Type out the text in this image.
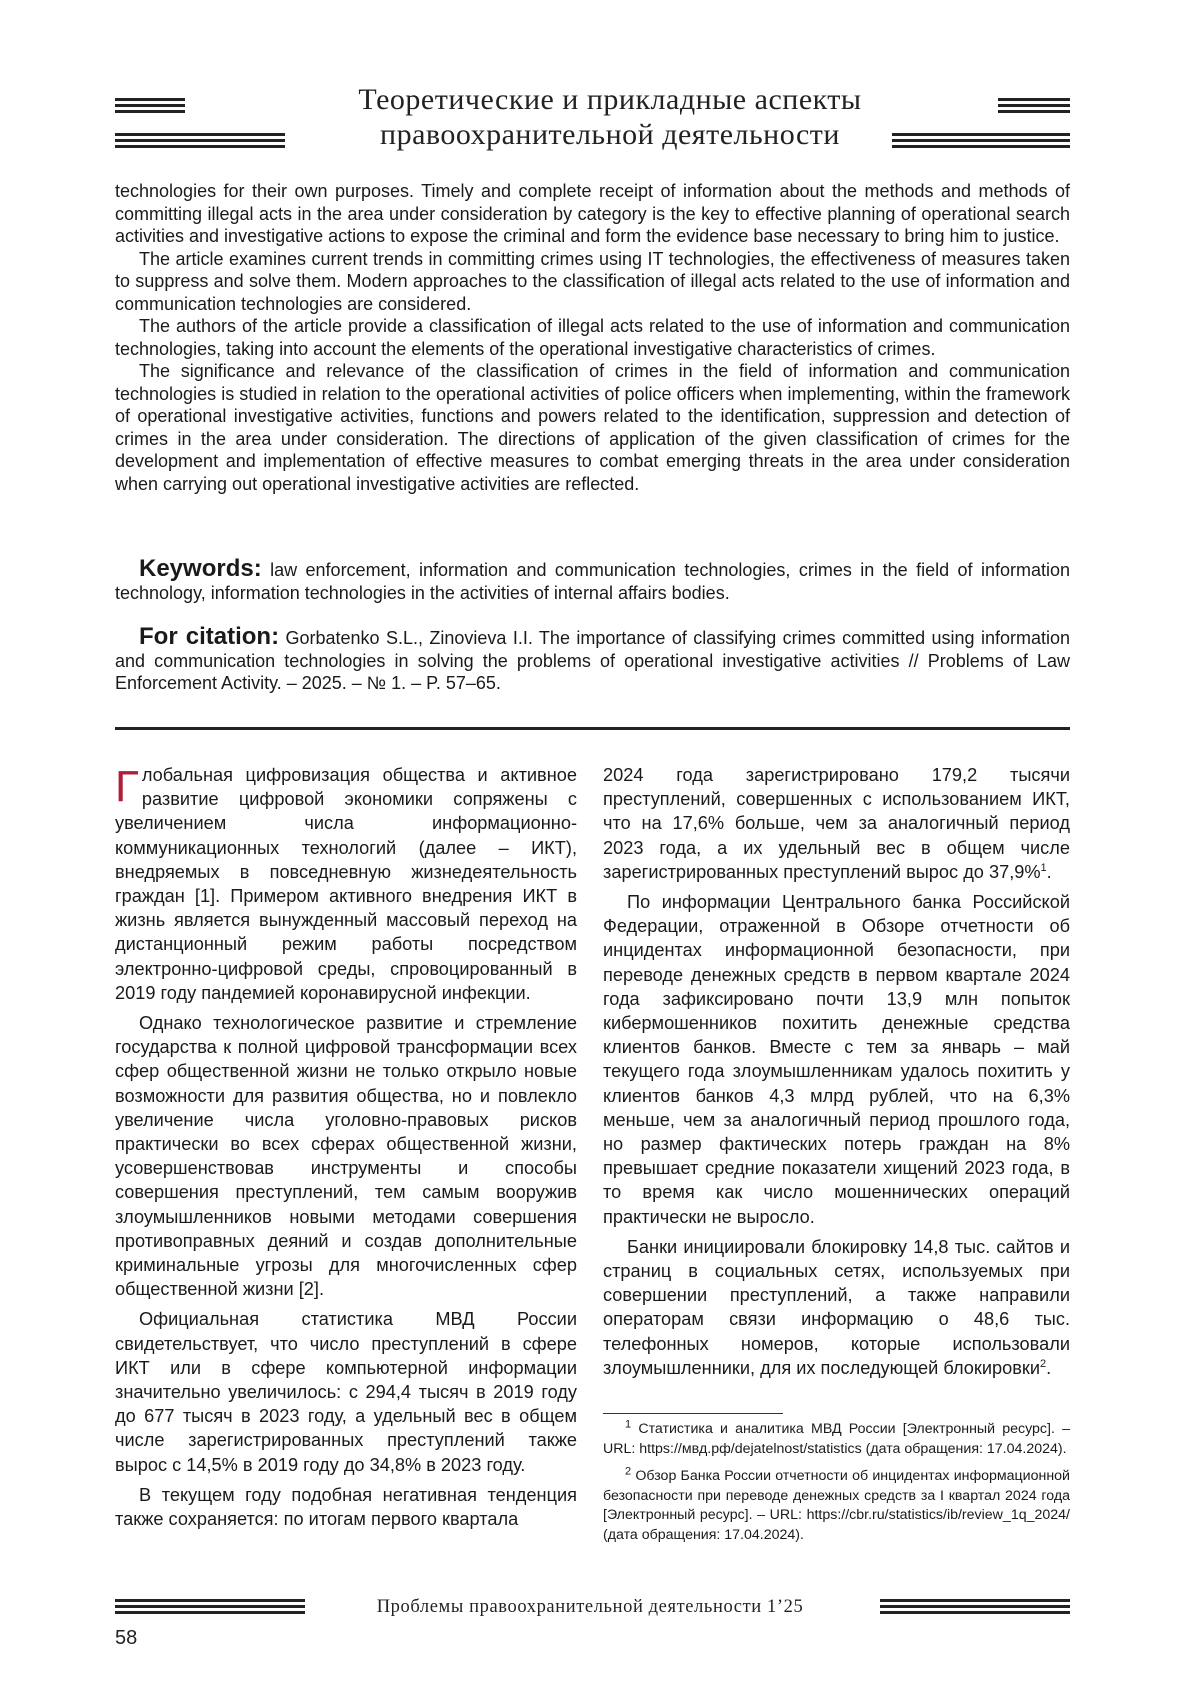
Теоретические и прикладные аспекты
правоохранительной деятельности

technologies for their own purposes. Timely and complete receipt of information about the methods and methods of committing illegal acts in the area under consideration by category is the key to effective planning of operational search activities and investigative actions to expose the criminal and form the evidence base necessary to bring him to justice.

The article examines current trends in committing crimes using IT technologies, the effectiveness of measures taken to suppress and solve them. Modern approaches to the classification of illegal acts related to the use of information and communication technologies are considered.

The authors of the article provide a classification of illegal acts related to the use of information and communication technologies, taking into account the elements of the operational investigative characteristics of crimes.

The significance and relevance of the classification of crimes in the field of information and communication technologies is studied in relation to the operational activities of police officers when implementing, within the framework of operational investigative activities, functions and powers related to the identification, suppression and detection of crimes in the area under consideration. The directions of application of the given classification of crimes for the development and implementation of effective measures to combat emerging threats in the area under consideration when carrying out operational investigative activities are reflected.

Keywords: law enforcement, information and communication technologies, crimes in the field of information technology, information technologies in the activities of internal affairs bodies.
For citation: Gorbatenko S.L., Zinovieva I.I. The importance of classifying crimes committed using information and communication technologies in solving the problems of operational investigative activities // Problems of Law Enforcement Activity. – 2025. – № 1. – P. 57–65.

Глобальная цифровизация общества и активное развитие цифровой экономики сопряжены с увеличением числа информационно-коммуникационных технологий (далее – ИКТ), внедряемых в повседневную жизнедеятельность граждан [1]. Примером активного внедрения ИКТ в жизнь является вынужденный массовый переход на дистанционный режим работы посредством электронно-цифровой среды, спровоцированный в 2019 году пандемией коронавирусной инфекции.

Однако технологическое развитие и стремление государства к полной цифровой трансформации всех сфер общественной жизни не только открыло новые возможности для развития общества, но и повлекло увеличение числа уголовно-правовых рисков практически во всех сферах общественной жизни, усовершенствовав инструменты и способы совершения преступлений, тем самым вооружив злоумышленников новыми методами совершения противоправных деяний и создав дополнительные криминальные угрозы для многочисленных сфер общественной жизни [2].

Официальная статистика МВД России свидетельствует, что число преступлений в сфере ИКТ или в сфере компьютерной информации значительно увеличилось: с 294,4 тысяч в 2019 году до 677 тысяч в 2023 году, а удельный вес в общем числе зарегистрированных преступлений также вырос с 14,5% в 2019 году до 34,8% в 2023 году.

В текущем году подобная негативная тенденция также сохраняется: по итогам первого квартала

2024 года зарегистрировано 179,2 тысячи преступлений, совершенных с использованием ИКТ, что на 17,6% больше, чем за аналогичный период 2023 года, а их удельный вес в общем числе зарегистрированных преступлений вырос до 37,9%$^1$.

По информации Центрального банка Российской Федерации, отраженной в Обзоре отчетности об инцидентах информационной безопасности, при переводе денежных средств в первом квартале 2024 года зафиксировано почти 13,9 млн попыток кибермошенников похитить денежные средства клиентов банков. Вместе с тем за январь – май текущего года злоумышленникам удалось похитить у клиентов банков 4,3 млрд рублей, что на 6,3% меньше, чем за аналогичный период прошлого года, но размер фактических потерь граждан на 8% превышает средние показатели хищений 2023 года, в то время как число мошеннических операций практически не выросло.

Банки инициировали блокировку 14,8 тыс. сайтов и страниц в социальных сетях, используемых при совершении преступлений, а также направили операторам связи информацию о 48,6 тыс. телефонных номеров, которые использовали злоумышленники, для их последующей блокировки$^2$.

$^1$ Статистика и аналитика МВД России [Электронный ресурс]. – URL: https://мвд.рф/dejatelnost/statistics (дата обращения: 17.04.2024).

$^2$ Обзор Банка России отчетности об инцидентах информационной безопасности при переводе денежных средств за I квартал 2024 года [Электронный ресурс]. – URL: https://cbr.ru/statistics/ib/review_1q_2024/ (дата обращения: 17.04.2024).

Проблемы правоохранительной деятельности 1’25
58
